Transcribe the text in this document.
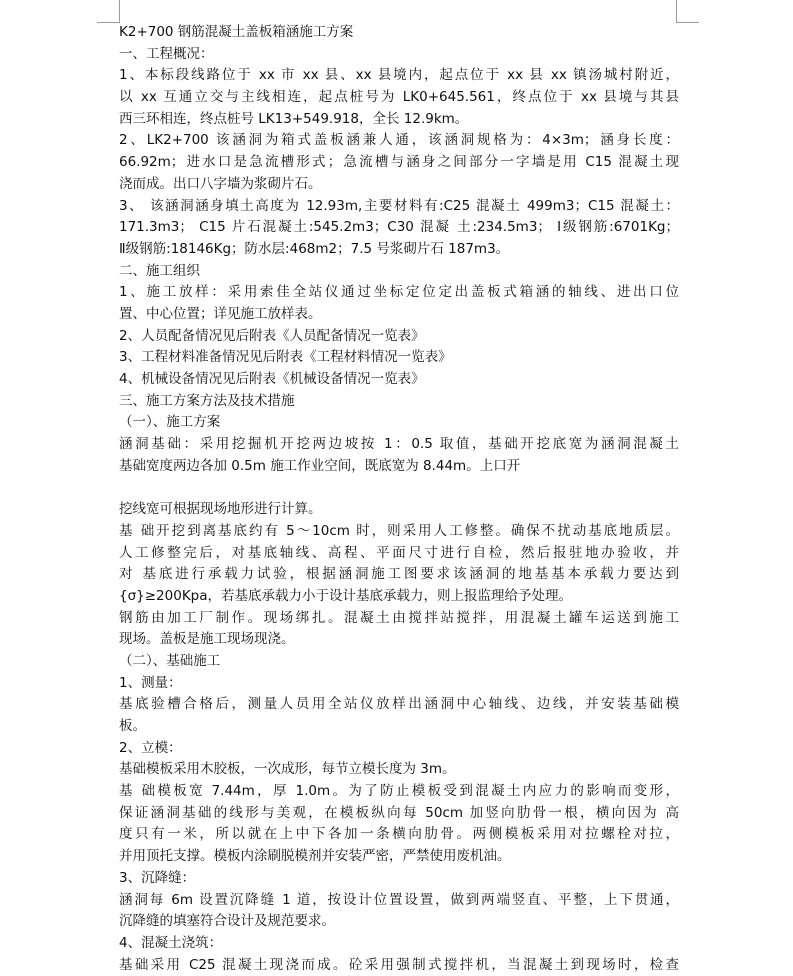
K2+700 钢筋混凝土盖板箱涵施工方案
一、工程概况：
1、本标段线路位于 xx 市 xx 县、xx 县境内，起点位于 xx 县 xx 镇汤城村附近，
以 xx 互通立交与主线相连，起点桩号为 LK0+645.561，终点位于 xx 县境与其县
西三环相连，终点桩号 LK13+549.918，全长 12.9km。
2、LK2+700 该涵洞为箱式盖板涵兼人通，该涵洞规格为：4×3m；涵身长度：
66.92m；进水口是急流槽形式；急流槽与涵身之间部分一字墙是用 C15 混凝土现
浇而成。出口八字墙为浆砌片石。
3、 该涵洞涵身填土高度为 12.93m,主要材料有:C25 混凝土 499m3；C15 混凝土：
171.3m3； C15 片石混凝土:545.2m3；C30 混凝 土:234.5m3； Ⅰ级钢筋:6701Kg；
Ⅱ级钢筋:18146Kg；防水层:468m2；7.5 号浆砌片石 187m3。
二、施工组织
1、施工放样：采用索佳全站仪通过坐标定位定出盖板式箱涵的轴线、进出口位
置、中心位置；详见施工放样表。
2、人员配备情况见后附表《人员配备情况一览表》
3、工程材料准备情况见后附表《工程材料情况一览表》
4、机械设备情况见后附表《机械设备情况一览表》
三、施工方案方法及技术措施
（一）、施工方案
涵洞基础：采用挖掘机开挖两边坡按 1：0.5 取值，基础开挖底宽为涵洞混凝土
基础宽度两边各加 0.5m 施工作业空间，既底宽为 8.44m。上口开
挖线宽可根据现场地形进行计算。
基 础开挖到离基底约有 5～10cm 时，则采用人工修整。确保不扰动基底地质层。
人工修整完后，对基底轴线、高程、平面尺寸进行自检，然后报驻地办验收，并
对 基底进行承载力试验，根据涵洞施工图要求该涵洞的地基基本承载力要达到
{σ}≥200Kpa，若基底承载力小于设计基底承载力，则上报监理给予处理。
钢筋由加工厂制作。现场绑扎。混凝土由搅拌站搅拌，用混凝土罐车运送到施工
现场。盖板是施工现场现浇。
（二）、基础施工
1、测量：
基底验槽合格后，测量人员用全站仪放样出涵洞中心轴线、边线，并安装基础模
板。
2、立模：
基础模板采用木胶板，一次成形，每节立模长度为 3m。
基 础模板宽 7.44m，厚 1.0m。为了防止模板受到混凝土内应力的影响而变形，
保证涵洞基础的线形与美观，在模板纵向每 50cm 加竖向肋骨一根，横向因为 高
度只有一米，所以就在上中下各加一条横向肋骨。两侧模板采用对拉螺栓对拉，
并用顶托支撑。模板内涂刷脱模剂并安装严密，严禁使用废机油。
3、沉降缝：
涵洞每 6m 设置沉降缝 1 道，按设计位置设置，做到两端竖直、平整，上下贯通，
沉降缝的填塞符合设计及规范要求。
4、混凝土浇筑：
基础采用 C25 混凝土现浇而成。砼采用强制式搅拌机，当混凝土到现场时，检查
